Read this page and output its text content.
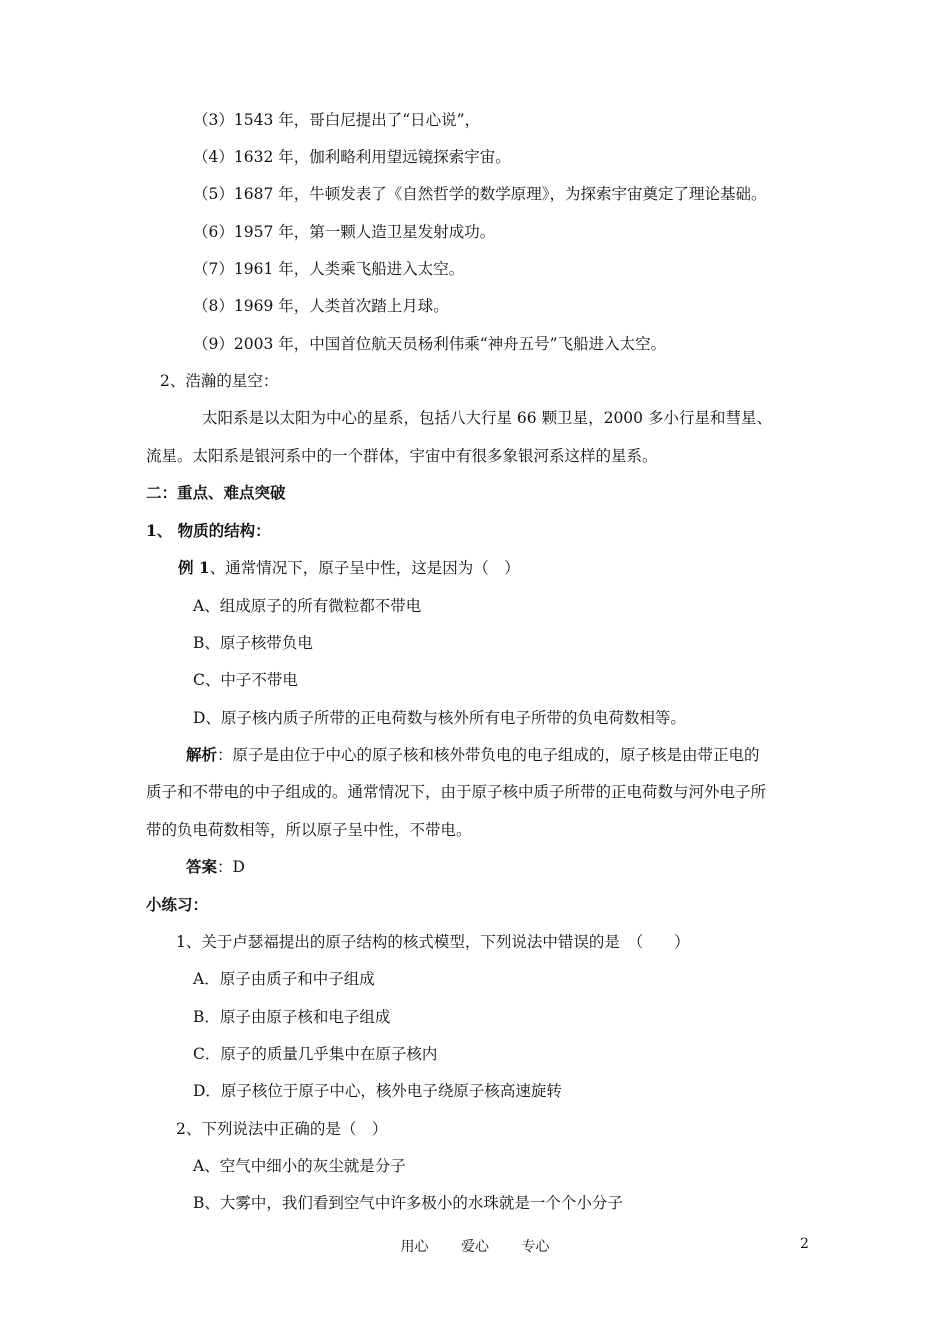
（3）1543 年，哥白尼提出了“日心说”，
（4）1632 年，伽利略利用望远镜探索宇宙。
（5）1687 年，牛顿发表了《自然哲学的数学原理》，为探索宇宙奠定了理论基础。
（6）1957 年，第一颗人造卫星发射成功。
（7）1961 年，人类乘飞船进入太空。
（8）1969 年，人类首次踏上月球。
（9）2003 年，中国首位航天员杨利伟乘“神舟五号”飞船进入太空。
2、浩瀚的星空：
太阳系是以太阳为中心的星系，包括八大行星 66 颗卫星，2000 多小行星和彗星、
流星。太阳系是银河系中的一个群体，宇宙中有很多象银河系这样的星系。
二：重点、难点突破
1、 物质的结构：
例 1、通常情况下，原子呈中性，这是因为（　）
A、组成原子的所有微粒都不带电
B、原子核带负电
C、中子不带电
D、原子核内质子所带的正电荷数与核外所有电子所带的负电荷数相等。
解析：原子是由位于中心的原子核和核外带负电的电子组成的，原子核是由带正电的
质子和不带电的中子组成的。通常情况下，由于原子核中质子所带的正电荷数与河外电子所
带的负电荷数相等，所以原子呈中性，不带电。
答案：D
小练习：
1、关于卢瑟福提出的原子结构的核式模型，下列说法中错误的是　（　　）
A．原子由质子和中子组成
B．原子由原子核和电子组成
C．原子的质量几乎集中在原子核内
D．原子核位于原子中心，核外电子绕原子核高速旋转
2、下列说法中正确的是（　）
A、空气中细小的灰尘就是分子
B、大雾中，我们看到空气中许多极小的水珠就是一个个小分子
用心 爱心 专心	2
